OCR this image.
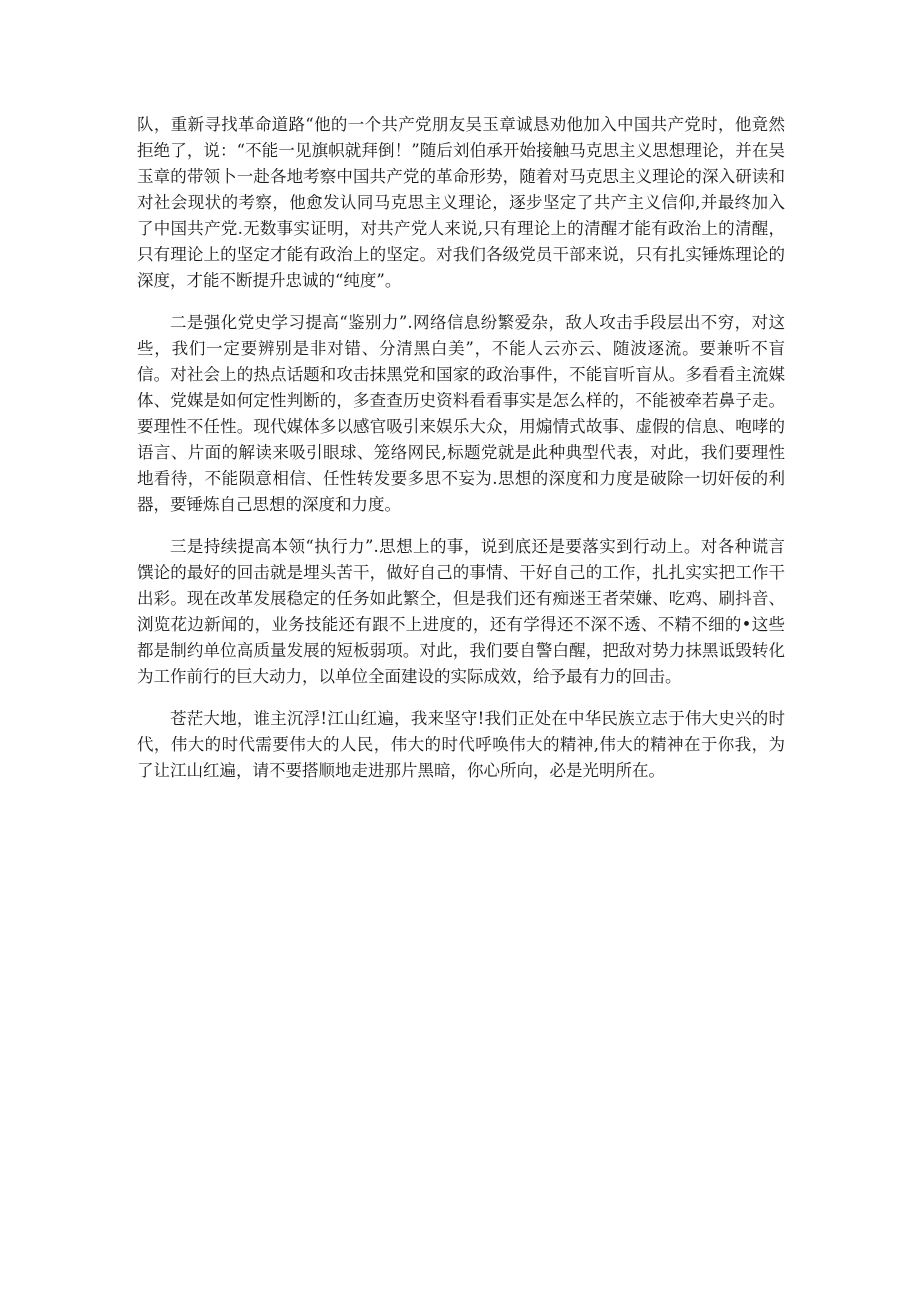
队，重新寻找革命道路“他的一个共产党朋友吴玉章诚恳劝他加入中国共产党时，他竟然拒绝了，说：“不能一见旗帜就拜倒！”随后刘伯承开始接触马克思主义思想理论，并在吴玉章的带领卜一赴各地考察中国共产党的革命形势，随着对马克思主义理论的深入研读和对社会现状的考察，他愈发认同马克思主义理论，逐步坚定了共产主义信仰,并最终加入了中国共产党.无数事实证明，对共产党人来说,只有理论上的清醒才能有政治上的清醒，只有理论上的坚定才能有政治上的坚定。对我们各级党员干部来说，只有扎实锤炼理论的深度，才能不断提升忠诚的“纯度”。

二是强化党史学习提高“鉴别力”.网络信息纷繁爱杂，敌人攻击手段层出不穷，对这些，我们一定要辨别是非对错、分清黑白美”，不能人云亦云、随波逐流。要兼听不盲信。对社会上的热点话题和攻击抹黑党和国家的政治事件，不能盲听盲从。多看看主流媒体、党媒是如何定性判断的，多查查历史资料看看事实是怎么样的，不能被牵若鼻子走。要理性不任性。现代媒体多以感官吸引来娱乐大众，用煽情式故事、虚假的信息、咆哮的语言、片面的解读来吸引眼球、笼络网民,标题党就是此种典型代表，对此，我们要理性地看待，不能陨意相信、任性转发要多思不妄为.思想的深度和力度是破除一切奸佞的利器，要锤炼自己思想的深度和力度。

三是持续提高本领“执行力”.思想上的事，说到底还是要落实到行动上。对各种谎言馔论的最好的回击就是埋头苦干，做好自己的事情、干好自己的工作，扎扎实实把工作干出彩。现在改革发展稳定的任务如此繁仝，但是我们还有痴迷王者荣嫌、吃鸡、刷抖音、浏览花边新闻的，业务技能还有跟不上进度的，还有学得还不深不透、不精不细的•这些都是制约单位高质量发展的短板弱项。对此，我们要自警白醒，把敌对势力抹黑诋毁转化为工作前行的巨大动力，以单位全面建设的实际成效，给予最有力的回击。

苍茫大地，谁主沉浮!江山红遍，我来坚守!我们正处在中华民族立志于伟大史兴的时代，伟大的时代需要伟大的人民，伟大的时代呼唤伟大的精神,伟大的精神在于你我，为了让江山红遍，请不要搭顺地走进那片黑暗，你心所向，必是光明所在。
